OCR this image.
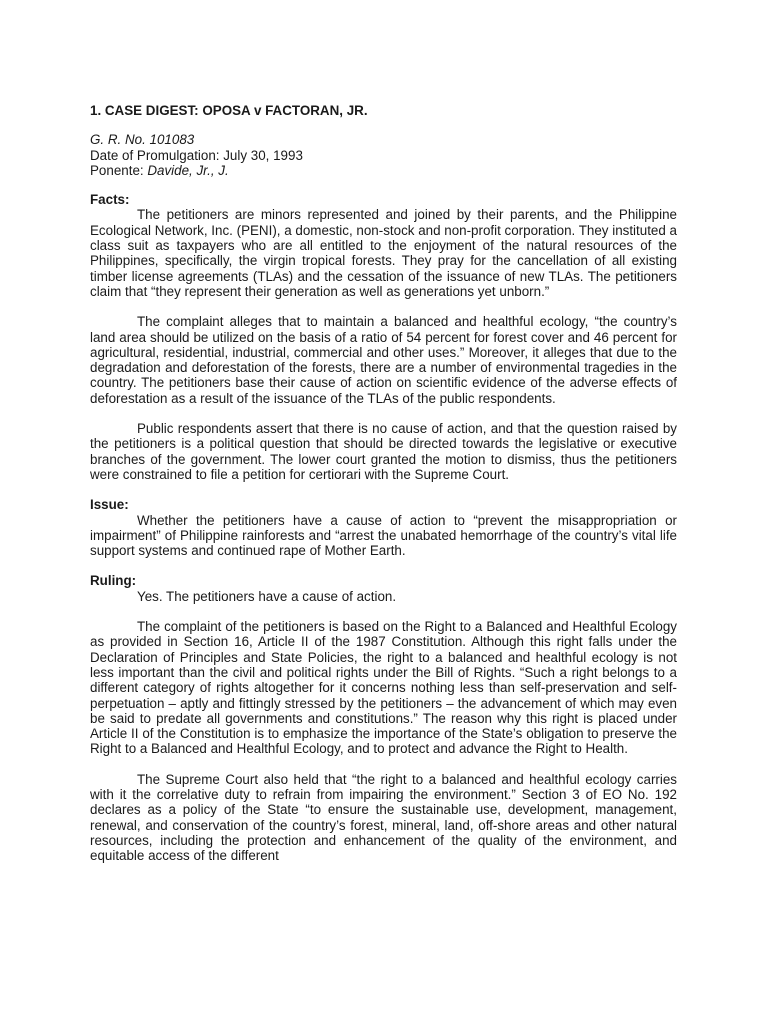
1. CASE DIGEST: OPOSA v FACTORAN, JR.

G. R. No. 101083

Date of Promulgation: July 30, 1993

Ponente: Davide, Jr., J.

Facts:

The petitioners are minors represented and joined by their parents, and the Philippine Ecological Network, Inc. (PENI), a domestic, non-stock and non-profit corporation. They instituted a class suit as taxpayers who are all entitled to the enjoyment of the natural resources of the Philippines, specifically, the virgin tropical forests. They pray for the cancellation of all existing timber license agreements (TLAs) and the cessation of the issuance of new TLAs. The petitioners claim that “they represent their generation as well as generations yet unborn.”

The complaint alleges that to maintain a balanced and healthful ecology, “the country’s land area should be utilized on the basis of a ratio of 54 percent for forest cover and 46 percent for agricultural, residential, industrial, commercial and other uses.” Moreover, it alleges that due to the degradation and deforestation of the forests, there are a number of environmental tragedies in the country. The petitioners base their cause of action on scientific evidence of the adverse effects of deforestation as a result of the issuance of the TLAs of the public respondents.

Public respondents assert that there is no cause of action, and that the question raised by the petitioners is a political question that should be directed towards the legislative or executive branches of the government. The lower court granted the motion to dismiss, thus the petitioners were constrained to file a petition for certiorari with the Supreme Court.

Issue:

Whether the petitioners have a cause of action to “prevent the misappropriation or impairment” of Philippine rainforests and “arrest the unabated hemorrhage of the country’s vital life support systems and continued rape of Mother Earth.

Ruling:

Yes. The petitioners have a cause of action.

The complaint of the petitioners is based on the Right to a Balanced and Healthful Ecology as provided in Section 16, Article II of the 1987 Constitution. Although this right falls under the Declaration of Principles and State Policies, the right to a balanced and healthful ecology is not less important than the civil and political rights under the Bill of Rights. “Such a right belongs to a different category of rights altogether for it concerns nothing less than self-preservation and self-perpetuation – aptly and fittingly stressed by the petitioners – the advancement of which may even be said to predate all governments and constitutions.” The reason why this right is placed under Article II of the Constitution is to emphasize the importance of the State’s obligation to preserve the Right to a Balanced and Healthful Ecology, and to protect and advance the Right to Health.

The Supreme Court also held that “the right to a balanced and healthful ecology carries with it the correlative duty to refrain from impairing the environment.” Section 3 of EO No. 192 declares as a policy of the State “to ensure the sustainable use, development, management, renewal, and conservation of the country’s forest, mineral, land, off-shore areas and other natural resources, including the protection and enhancement of the quality of the environment, and equitable access of the different
